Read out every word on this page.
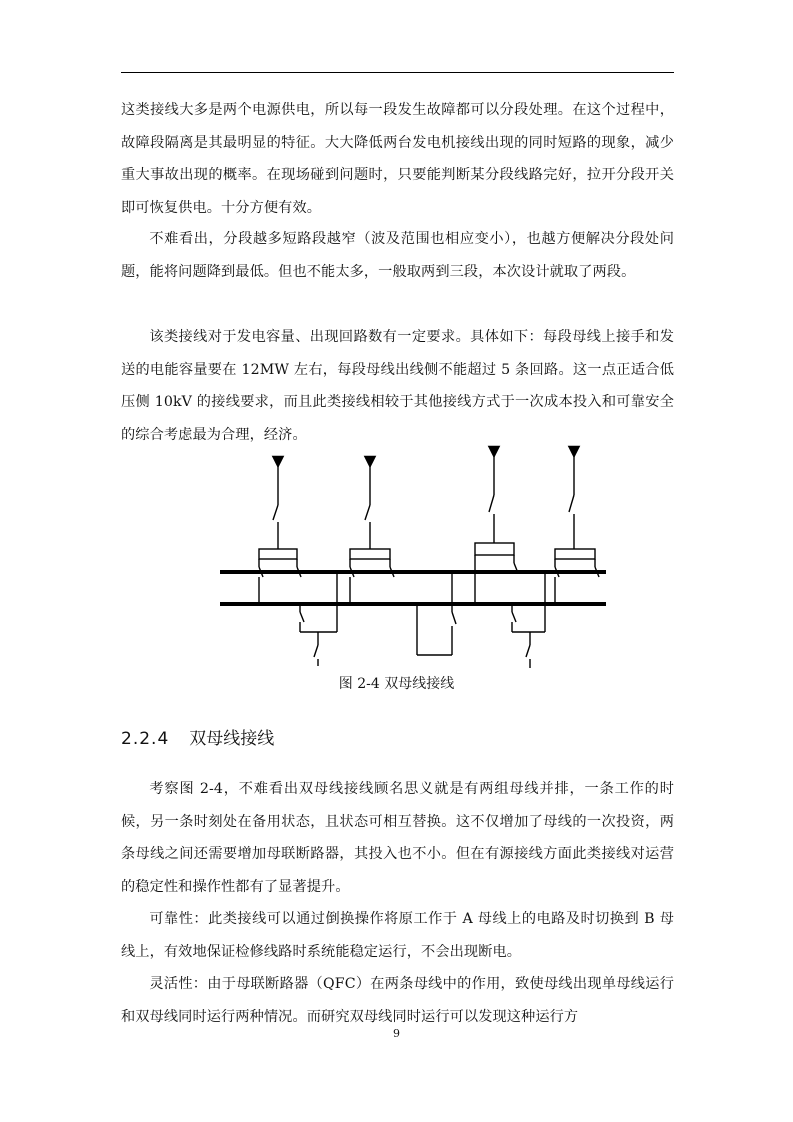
这类接线大多是两个电源供电，所以每一段发生故障都可以分段处理。在这个过程中，故障段隔离是其最明显的特征。大大降低两台发电机接线出现的同时短路的现象，减少重大事故出现的概率。在现场碰到问题时，只要能判断某分段线路完好，拉开分段开关即可恢复供电。十分方便有效。

不难看出，分段越多短路段越窄（波及范围也相应变小），也越方便解决分段处问题，能将问题降到最低。但也不能太多，一般取两到三段，本次设计就取了两段。

该类接线对于发电容量、出现回路数有一定要求。具体如下：每段母线上接手和发送的电能容量要在 12MW 左右，每段母线出线侧不能超过 5 条回路。这一点正适合低压侧 10kV 的接线要求，而且此类接线相较于其他接线方式于一次成本投入和可靠安全的综合考虑最为合理，经济。

图 2-4 双母线接线
2.2.4 双母线接线

考察图 2-4，不难看出双母线接线顾名思义就是有两组母线并排，一条工作的时候，另一条时刻处在备用状态，且状态可相互替换。这不仅增加了母线的一次投资，两条母线之间还需要增加母联断路器，其投入也不小。但在有源接线方面此类接线对运营的稳定性和操作性都有了显著提升。

可靠性：此类接线可以通过倒换操作将原工作于 A 母线上的电路及时切换到 B 母线上，有效地保证检修线路时系统能稳定运行，不会出现断电。

灵活性：由于母联断路器（QFC）在两条母线中的作用，致使母线出现单母线运行和双母线同时运行两种情况。而研究双母线同时运行可以发现这种运行方

9
